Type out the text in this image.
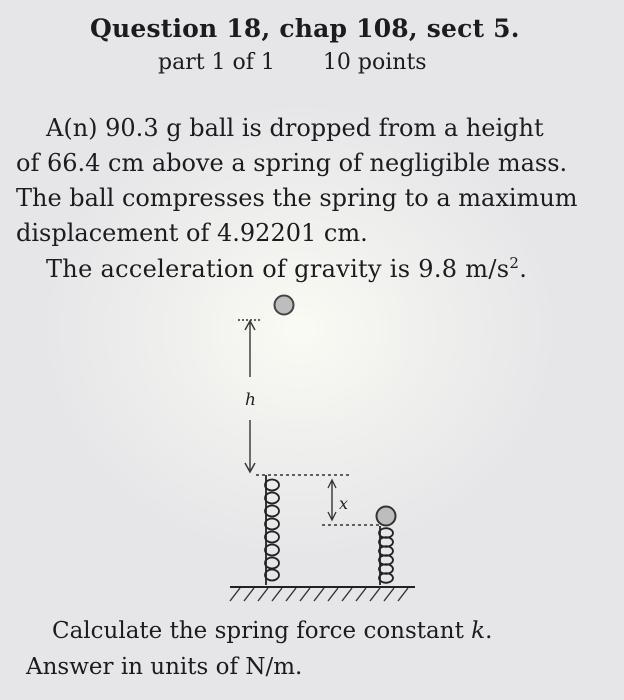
Question 18, chap 108, sect 5.
part 1 of 1 10 points
A(n) 90.3 g ball is dropped from a height
of 66.4 cm above a spring of negligible mass.
The ball compresses the spring to a maximum
displacement of 4.92201 cm.
The acceleration of gravity is 9.8 $m/s^2$.
h
x
Calculate the spring force constant k.
Answer in units of N/m.
